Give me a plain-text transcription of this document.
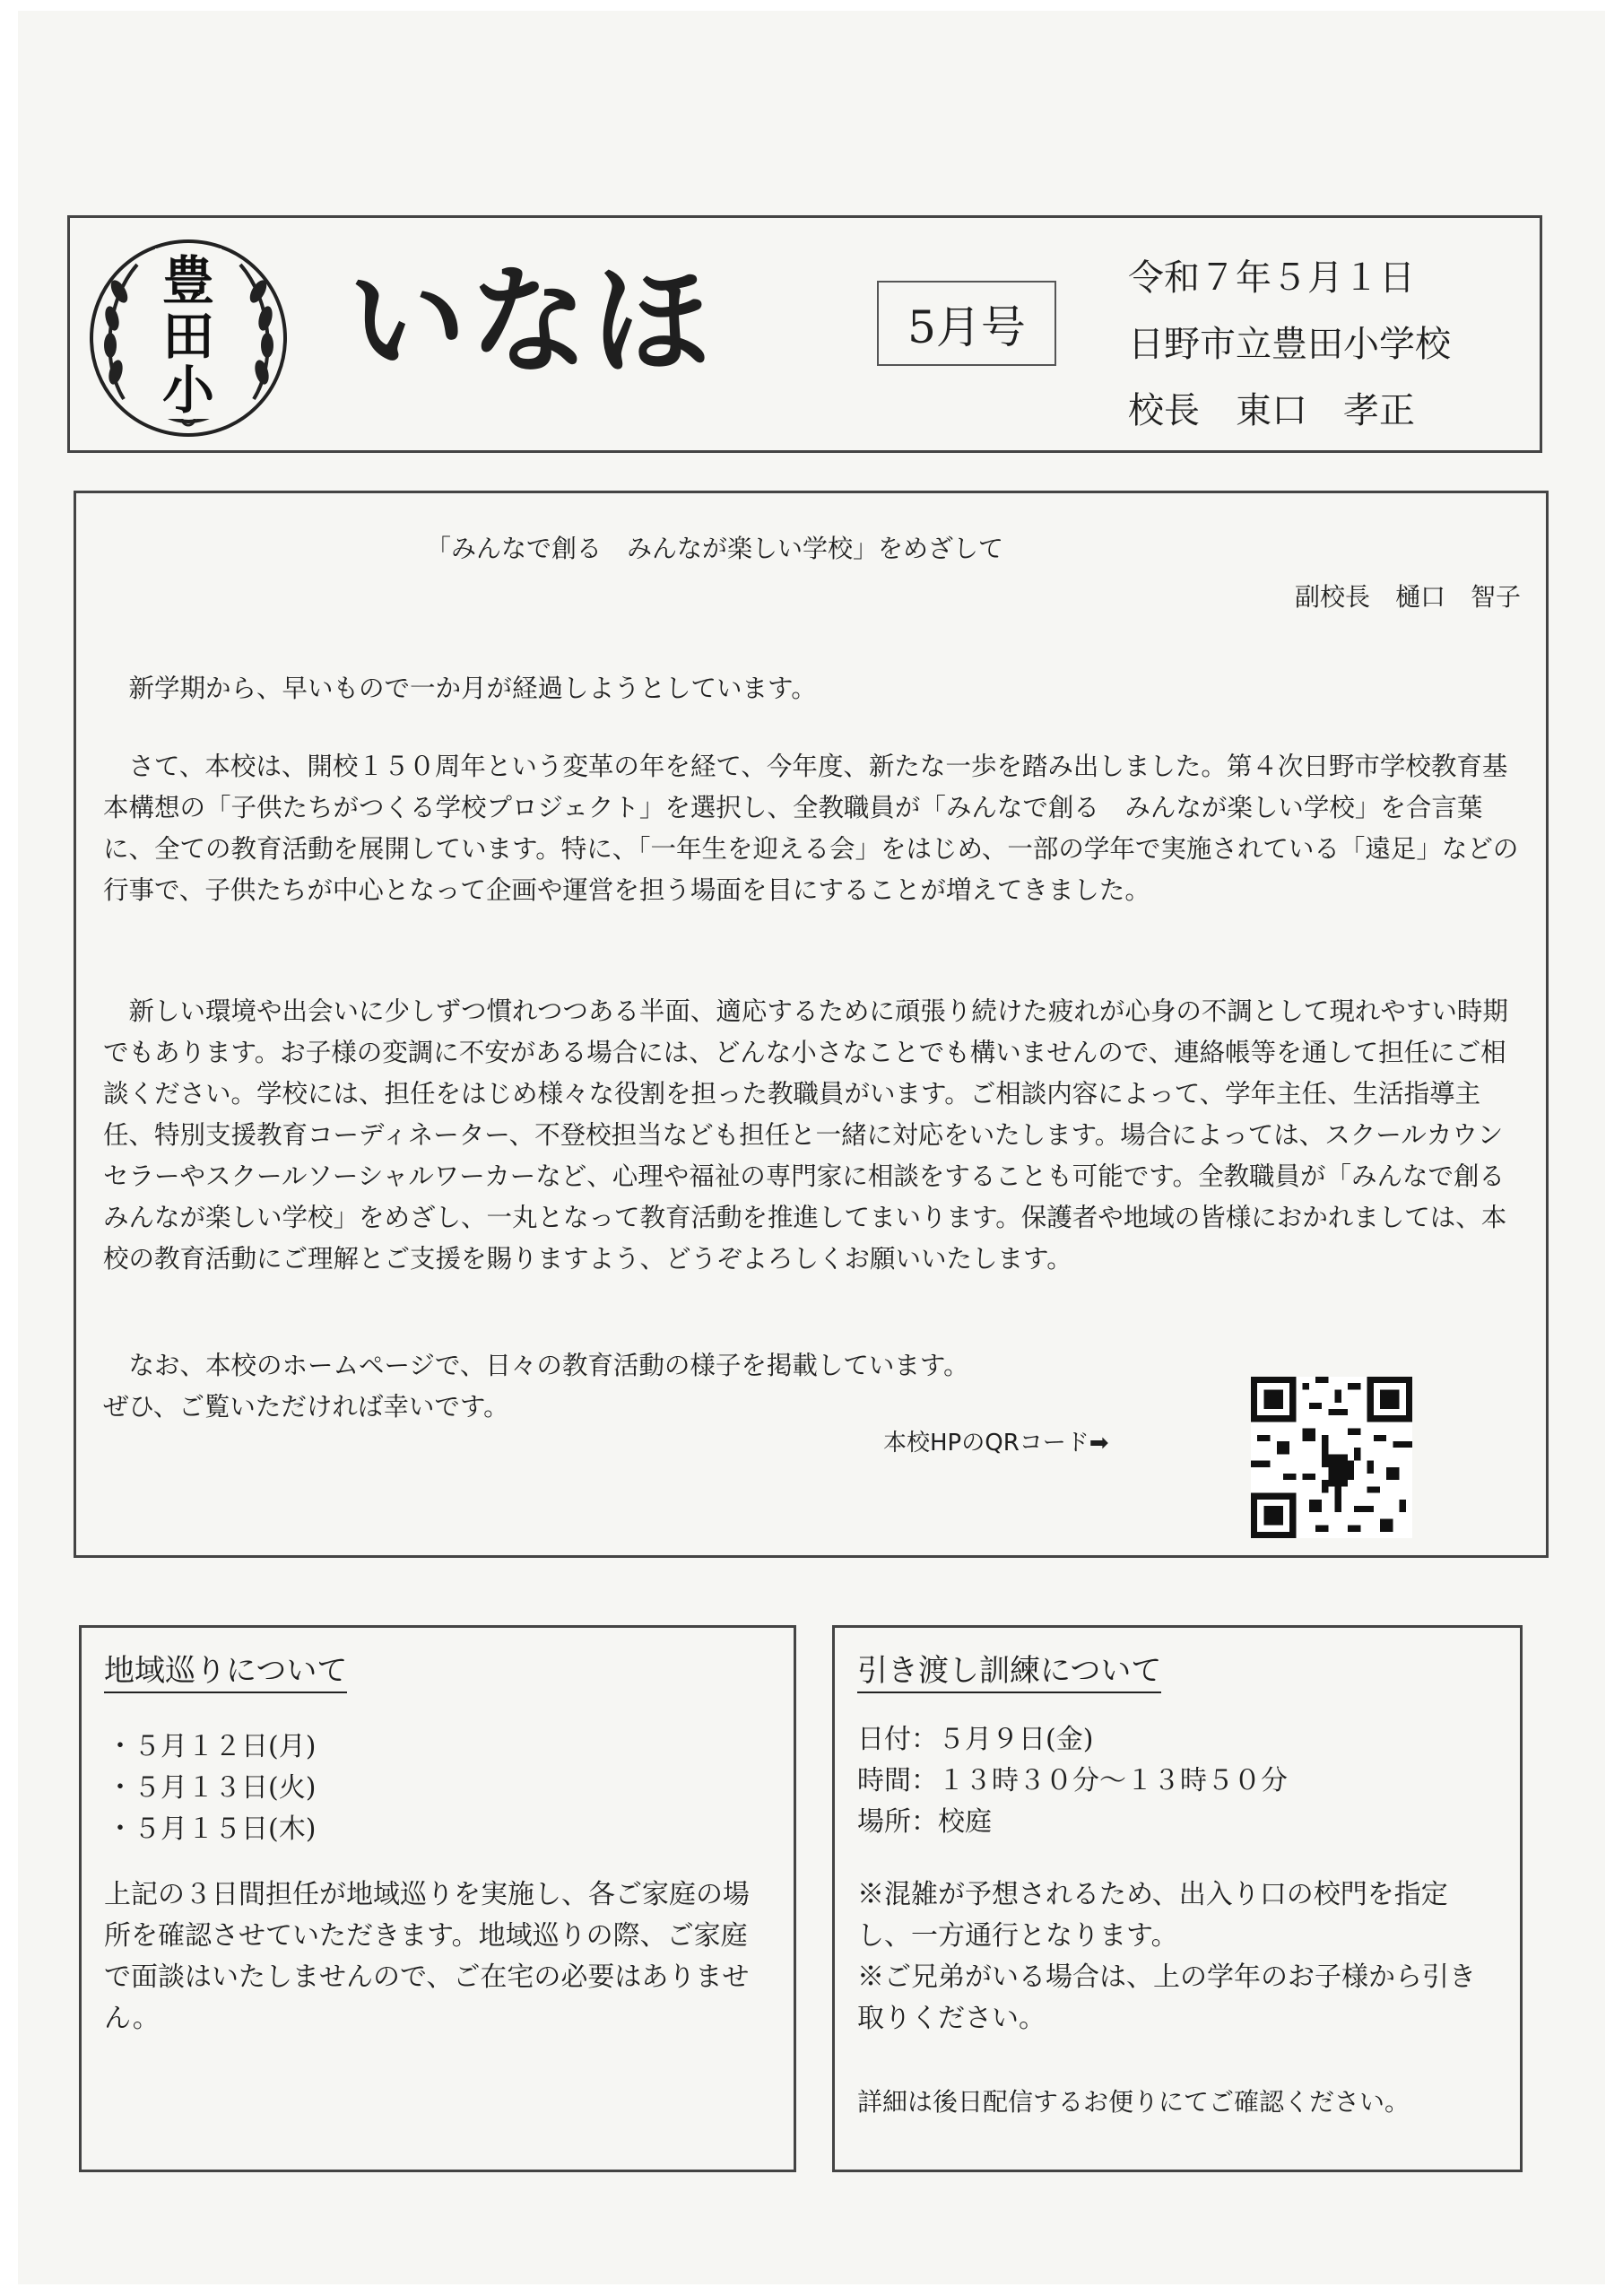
豊
田
小 いなほ	5月号
令和７年５月１日
日野市立豊田小学校
校長　東口　孝正
「みんなで創る　みんなが楽しい学校」をめざして
副校長　樋口　智子

新学期から、早いもので一か月が経過しようとしています。

さて、本校は、開校１５０周年という変革の年を経て、今年度、新たな一歩を踏み出しました。第４次日野市学校教育基本構想の「子供たちがつくる学校プロジェクト」を選択し、全教職員が「みんなで創る　みんなが楽しい学校」を合言葉に、全ての教育活動を展開しています。特に、「一年生を迎える会」をはじめ、一部の学年で実施されている「遠足」などの行事で、子供たちが中心となって企画や運営を担う場面を目にすることが増えてきました。

新しい環境や出会いに少しずつ慣れつつある半面、適応するために頑張り続けた疲れが心身の不調として現れやすい時期でもあります。お子様の変調に不安がある場合には、どんな小さなことでも構いませんので、連絡帳等を通して担任にご相談ください。学校には、担任をはじめ様々な役割を担った教職員がいます。ご相談内容によって、学年主任、生活指導主任、特別支援教育コーディネーター、不登校担当なども担任と一緒に対応をいたします。場合によっては、スクールカウンセラーやスクールソーシャルワーカーなど、心理や福祉の専門家に相談をすることも可能です。全教職員が「みんなで創る　みんなが楽しい学校」をめざし、一丸となって教育活動を推進してまいります。保護者や地域の皆様におかれましては、本校の教育活動にご理解とご支援を賜りますよう、どうぞよろしくお願いいたします。

なお、本校のホームページで、日々の教育活動の様子を掲載しています。
ぜひ、ご覧いただければ幸いです。

本校HPのQRコード➡
地域巡りについて
・５月１２日(月)
・５月１３日(火)
・５月１５日(木)

上記の３日間担任が地域巡りを実施し、各ご家庭の場所を確認させていただきます。地域巡りの際、ご家庭で面談はいたしませんので、ご在宅の必要はありません。

引き渡し訓練について
日付：５月９日(金)
時間：１３時３０分～１３時５０分
場所：校庭

※混雑が予想されるため、出入り口の校門を指定し、一方通行となります。

※ご兄弟がいる場合は、上の学年のお子様から引き取りください。

詳細は後日配信するお便りにてご確認ください。
